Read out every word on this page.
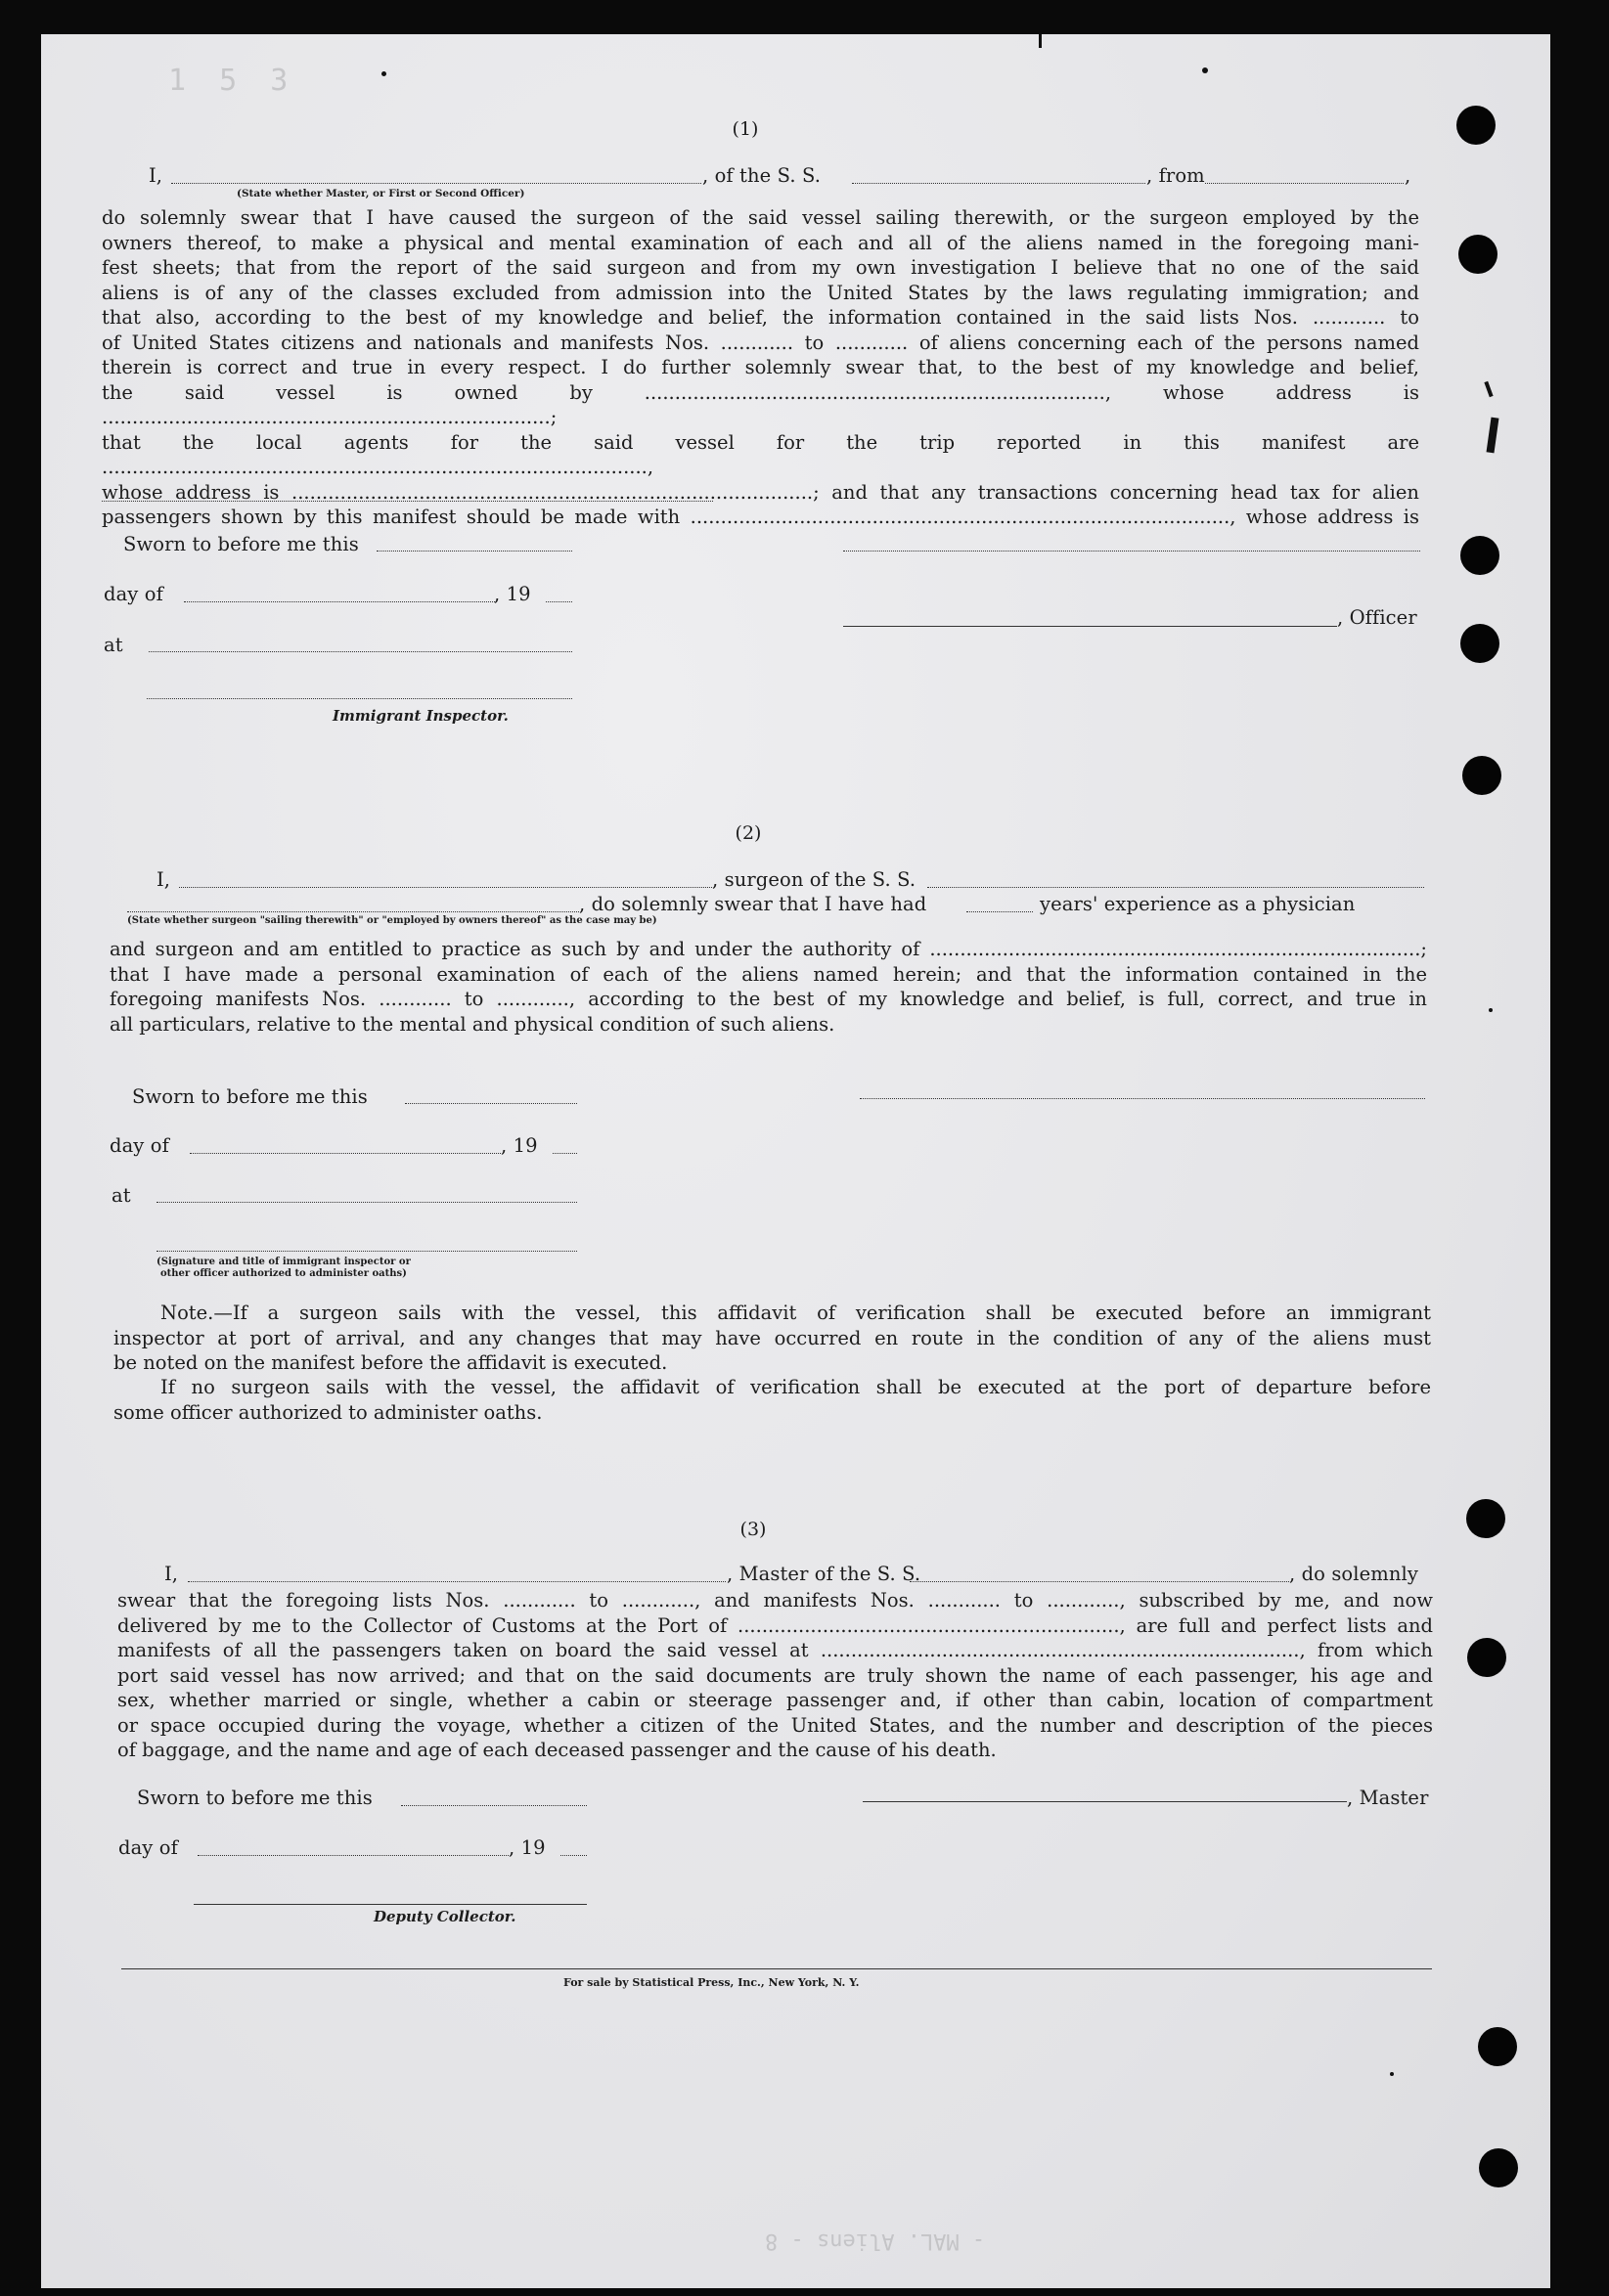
1 5 3
(1)
I,
(State whether Master, or First or Second Officer)
, of the S. S.	, from	,
do solemnly swear that I have caused the surgeon of the said vessel sailing therewith, or the surgeon employed by the
owners thereof, to make a physical and mental examination of each and all of the aliens named in the foregoing mani-
fest sheets; that from the report of the said surgeon and from my own investigation I believe that no one of the said
aliens is of any of the classes excluded from admission into the United States by the laws regulating immigration; and
that also, according to the best of my knowledge and belief, the information contained in the said lists Nos. ............ to
of United States citizens and nationals and manifests Nos. ............ to ............ of aliens concerning each of the persons named
therein is correct and true in every respect. I do further solemnly swear that, to the best of my knowledge and belief,
the said vessel is owned by ............................................................................, whose address is ..........................................................................;
that the local agents for the said vessel for the trip reported in this manifest are ..........................................................................................,
whose address is ......................................................................................; and that any transactions concerning head tax for alien
passengers shown by this manifest should be made with ........................................................................................., whose address is
Sworn to before me this
day of	, 19
at
, Officer
Immigrant Inspector.
(2)
I,	, surgeon of the S. S.
, do solemnly swear that I have had	years' experience as a physician
(State whether surgeon "sailing therewith" or "employed by owners thereof" as the case may be)
and surgeon and am entitled to practice as such by and under the authority of .................................................................................;
that I have made a personal examination of each of the aliens named herein; and that the information contained in the
foregoing manifests Nos. ............ to ............, according to the best of my knowledge and belief, is full, correct, and true in
all particulars, relative to the mental and physical condition of such aliens.
Sworn to before me this
day of	, 19
at
(Signature and title of immigrant inspector or
other officer authorized to administer oaths)
Note.—If a surgeon sails with the vessel, this affidavit of verification shall be executed before an immigrant
inspector at port of arrival, and any changes that may have occurred en route in the condition of any of the aliens must
be noted on the manifest before the affidavit is executed.
If no surgeon sails with the vessel, the affidavit of verification shall be executed at the port of departure before
some officer authorized to administer oaths.
(3)
I,	, Master of the S. S.	, do solemnly
swear that the foregoing lists Nos. ............ to ............, and manifests Nos. ............ to ............, subscribed by me, and now
delivered by me to the Collector of Customs at the Port of ..............................................................., are full and perfect lists and
manifests of all the passengers taken on board the said vessel at ..............................................................................., from which
port said vessel has now arrived; and that on the said documents are truly shown the name of each passenger, his age and
sex, whether married or single, whether a cabin or steerage passenger and, if other than cabin, location of compartment
or space occupied during the voyage, whether a citizen of the United States, and the number and description of the pieces
of baggage, and the name and age of each deceased passenger and the cause of his death.
Sworn to before me this	, Master
day of	, 19
Deputy Collector.
For sale by Statistical Press, Inc., New York, N. Y.
- MAL. Aliens - 8
